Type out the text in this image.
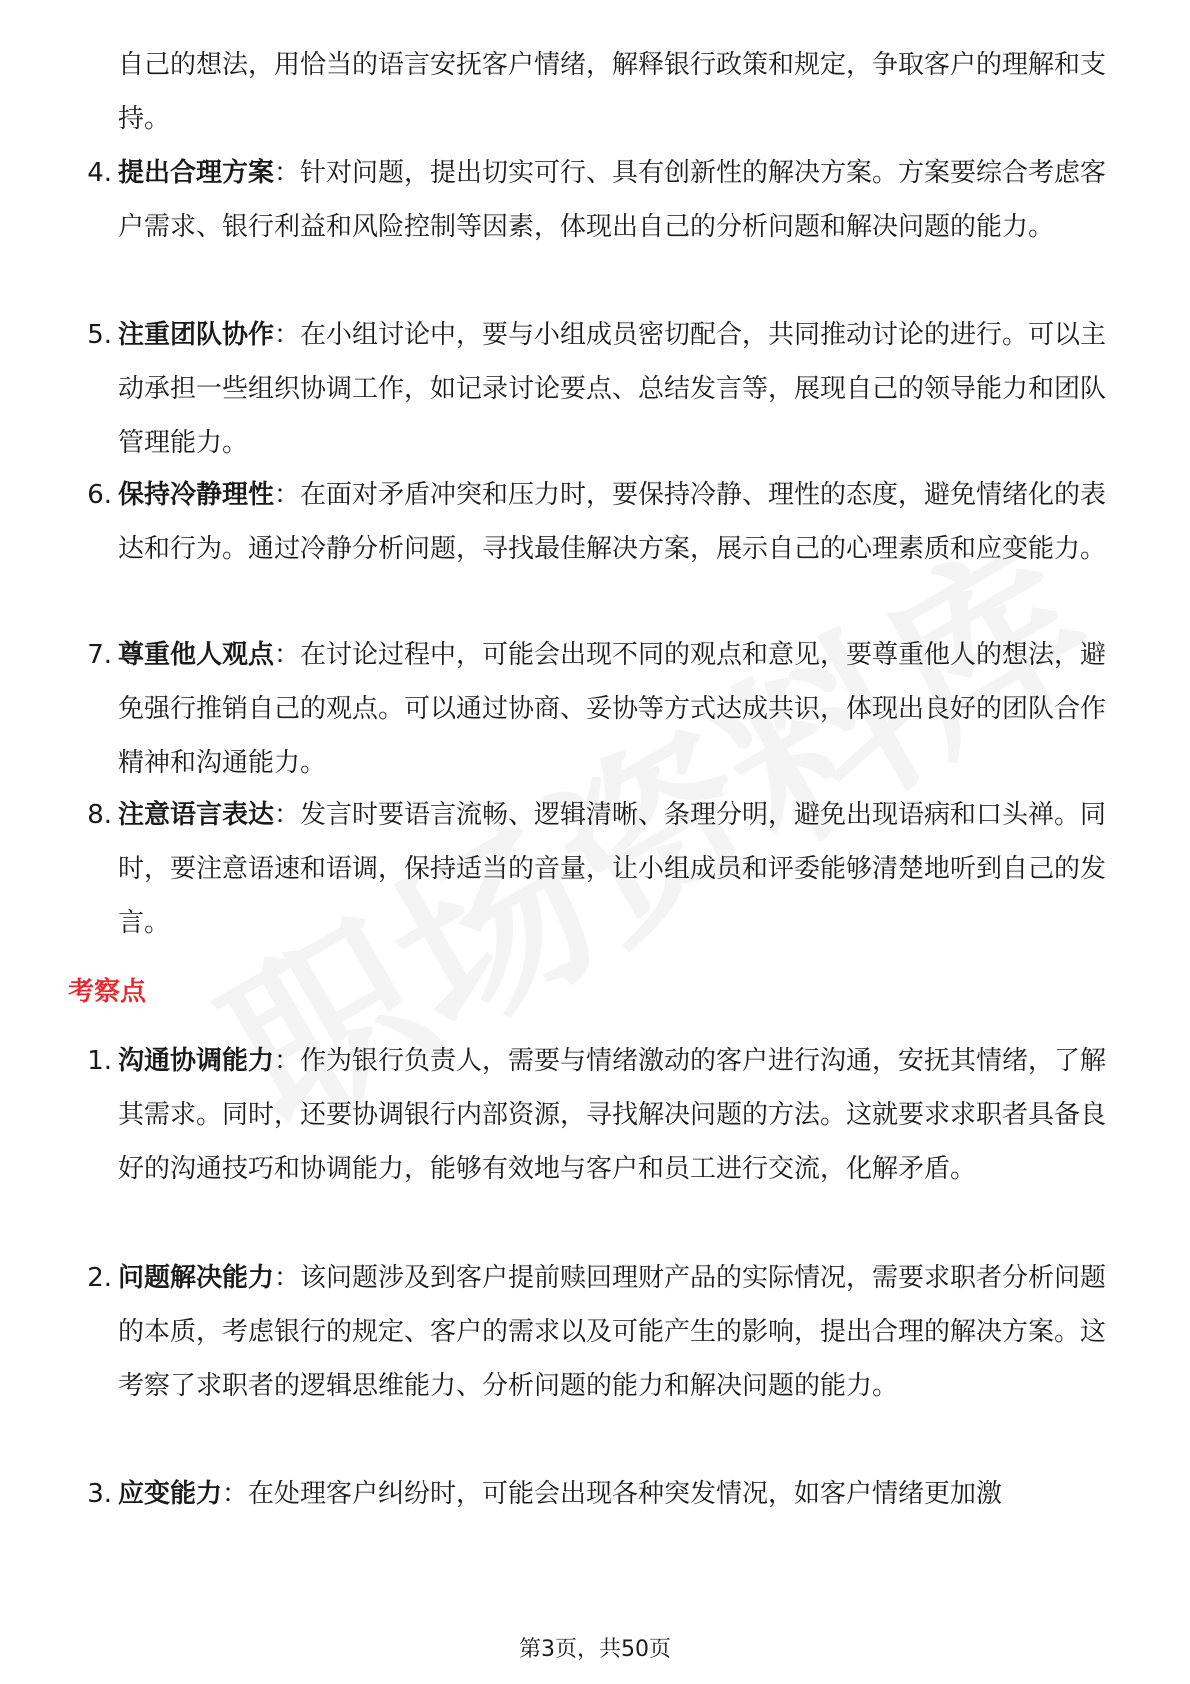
自己的想法，用恰当的语言安抚客户情绪，解释银行政策和规定，争取客户的理解和支持。

4. 提出合理方案：针对问题，提出切实可行、具有创新性的解决方案。方案要综合考虑客户需求、银行利益和风险控制等因素，体现出自己的分析问题和解决问题的能力。

5. 注重团队协作：在小组讨论中，要与小组成员密切配合，共同推动讨论的进行。可以主动承担一些组织协调工作，如记录讨论要点、总结发言等，展现自己的领导能力和团队管理能力。

6. 保持冷静理性：在面对矛盾冲突和压力时，要保持冷静、理性的态度，避免情绪化的表达和行为。通过冷静分析问题，寻找最佳解决方案，展示自己的心理素质和应变能力。

7. 尊重他人观点：在讨论过程中，可能会出现不同的观点和意见，要尊重他人的想法，避免强行推销自己的观点。可以通过协商、妥协等方式达成共识，体现出良好的团队合作精神和沟通能力。

8. 注意语言表达：发言时要语言流畅、逻辑清晰、条理分明，避免出现语病和口头禅。同时，要注意语速和语调，保持适当的音量，让小组成员和评委能够清楚地听到自己的发言。

考察点
1. 沟通协调能力：作为银行负责人，需要与情绪激动的客户进行沟通，安抚其情绪，了解其需求。同时，还要协调银行内部资源，寻找解决问题的方法。这就要求求职者具备良好的沟通技巧和协调能力，能够有效地与客户和员工进行交流，化解矛盾。

2. 问题解决能力：该问题涉及到客户提前赎回理财产品的实际情况，需要求职者分析问题的本质，考虑银行的规定、客户的需求以及可能产生的影响，提出合理的解决方案。这考察了求职者的逻辑思维能力、分析问题的能力和解决问题的能力。

3. 应变能力：在处理客户纠纷时，可能会出现各种突发情况，如客户情绪更加激

第3页，共50页
